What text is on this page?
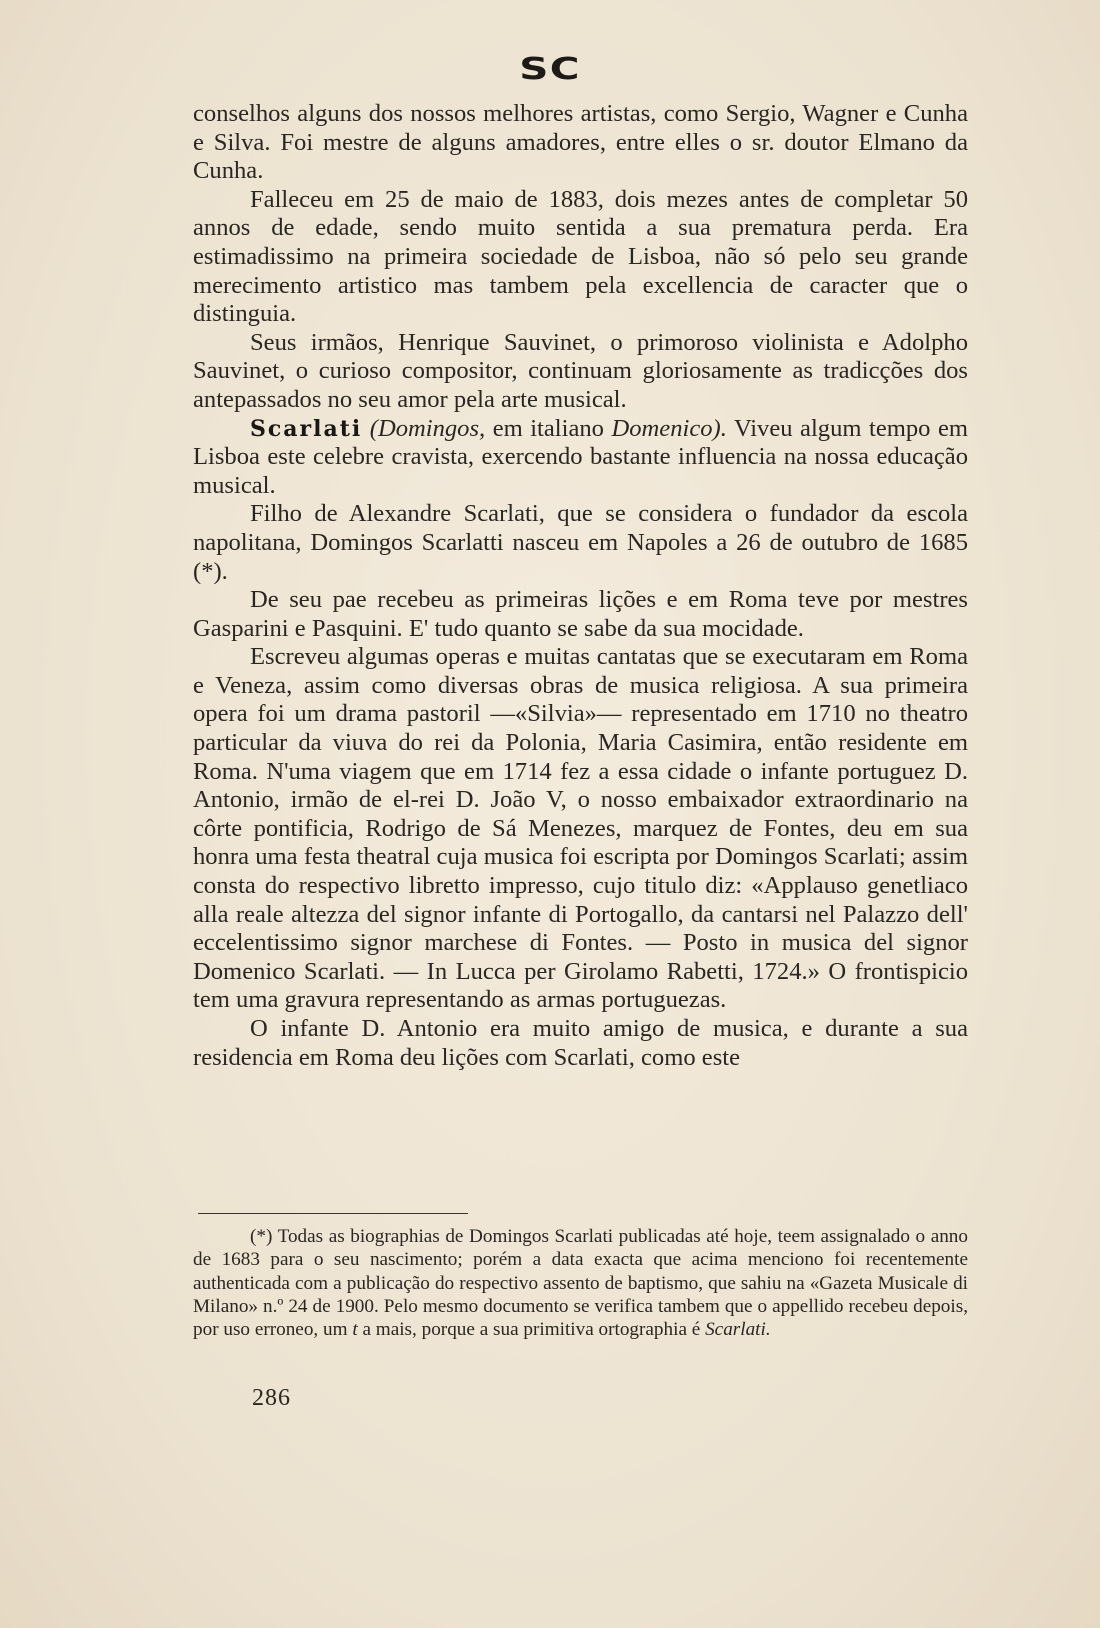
SC

conselhos alguns dos nossos melhores artistas, como Sergio, Wagner e Cunha e Silva. Foi mestre de alguns amadores, entre elles o sr. doutor Elmano da Cunha.

Falleceu em 25 de maio de 1883, dois mezes antes de completar 50 annos de edade, sendo muito sentida a sua prematura perda. Era estimadissimo na primeira sociedade de Lisboa, não só pelo seu grande merecimento artistico mas tambem pela excellencia de caracter que o distinguia.

Seus irmãos, Henrique Sauvinet, o primoroso violinista e Adolpho Sauvinet, o curioso compositor, continuam gloriosamente as tradicções dos antepassados no seu amor pela arte musical.

Scarlati (Domingos, em italiano Domenico). Viveu algum tempo em Lisboa este celebre cravista, exercendo bastante influencia na nossa educação musical.

Filho de Alexandre Scarlati, que se considera o fundador da escola napolitana, Domingos Scarlatti nasceu em Napoles a 26 de outubro de 1685 (*).

De seu pae recebeu as primeiras lições e em Roma teve por mestres Gasparini e Pasquini. E' tudo quanto se sabe da sua mocidade.

Escreveu algumas operas e muitas cantatas que se executaram em Roma e Veneza, assim como diversas obras de musica religiosa. A sua primeira opera foi um drama pastoril —«Silvia»— representado em 1710 no theatro particular da viuva do rei da Polonia, Maria Casimira, então residente em Roma. N'uma viagem que em 1714 fez a essa cidade o infante portuguez D. Antonio, irmão de el-rei D. João V, o nosso embaixador extraordinario na côrte pontificia, Rodrigo de Sá Menezes, marquez de Fontes, deu em sua honra uma festa theatral cuja musica foi escripta por Domingos Scarlati; assim consta do respectivo libretto impresso, cujo titulo diz: «Applauso genetliaco alla reale altezza del signor infante di Portogallo, da cantarsi nel Palazzo dell' eccelentissimo signor marchese di Fontes. — Posto in musica del signor Domenico Scarlati. — In Lucca per Girolamo Rabetti, 1724.» O frontispicio tem uma gravura representando as armas portuguezas.

O infante D. Antonio era muito amigo de musica, e durante a sua residencia em Roma deu lições com Scarlati, como este

(*) Todas as biographias de Domingos Scarlati publicadas até hoje, teem assignalado o anno de 1683 para o seu nascimento; porém a data exacta que acima menciono foi recentemente authenticada com a publicação do respectivo assento de baptismo, que sahiu na «Gazeta Musicale di Milano» n.º 24 de 1900. Pelo mesmo documento se verifica tambem que o appellido recebeu depois, por uso erroneo, um t a mais, porque a sua primitiva ortographia é Scarlati.

286
